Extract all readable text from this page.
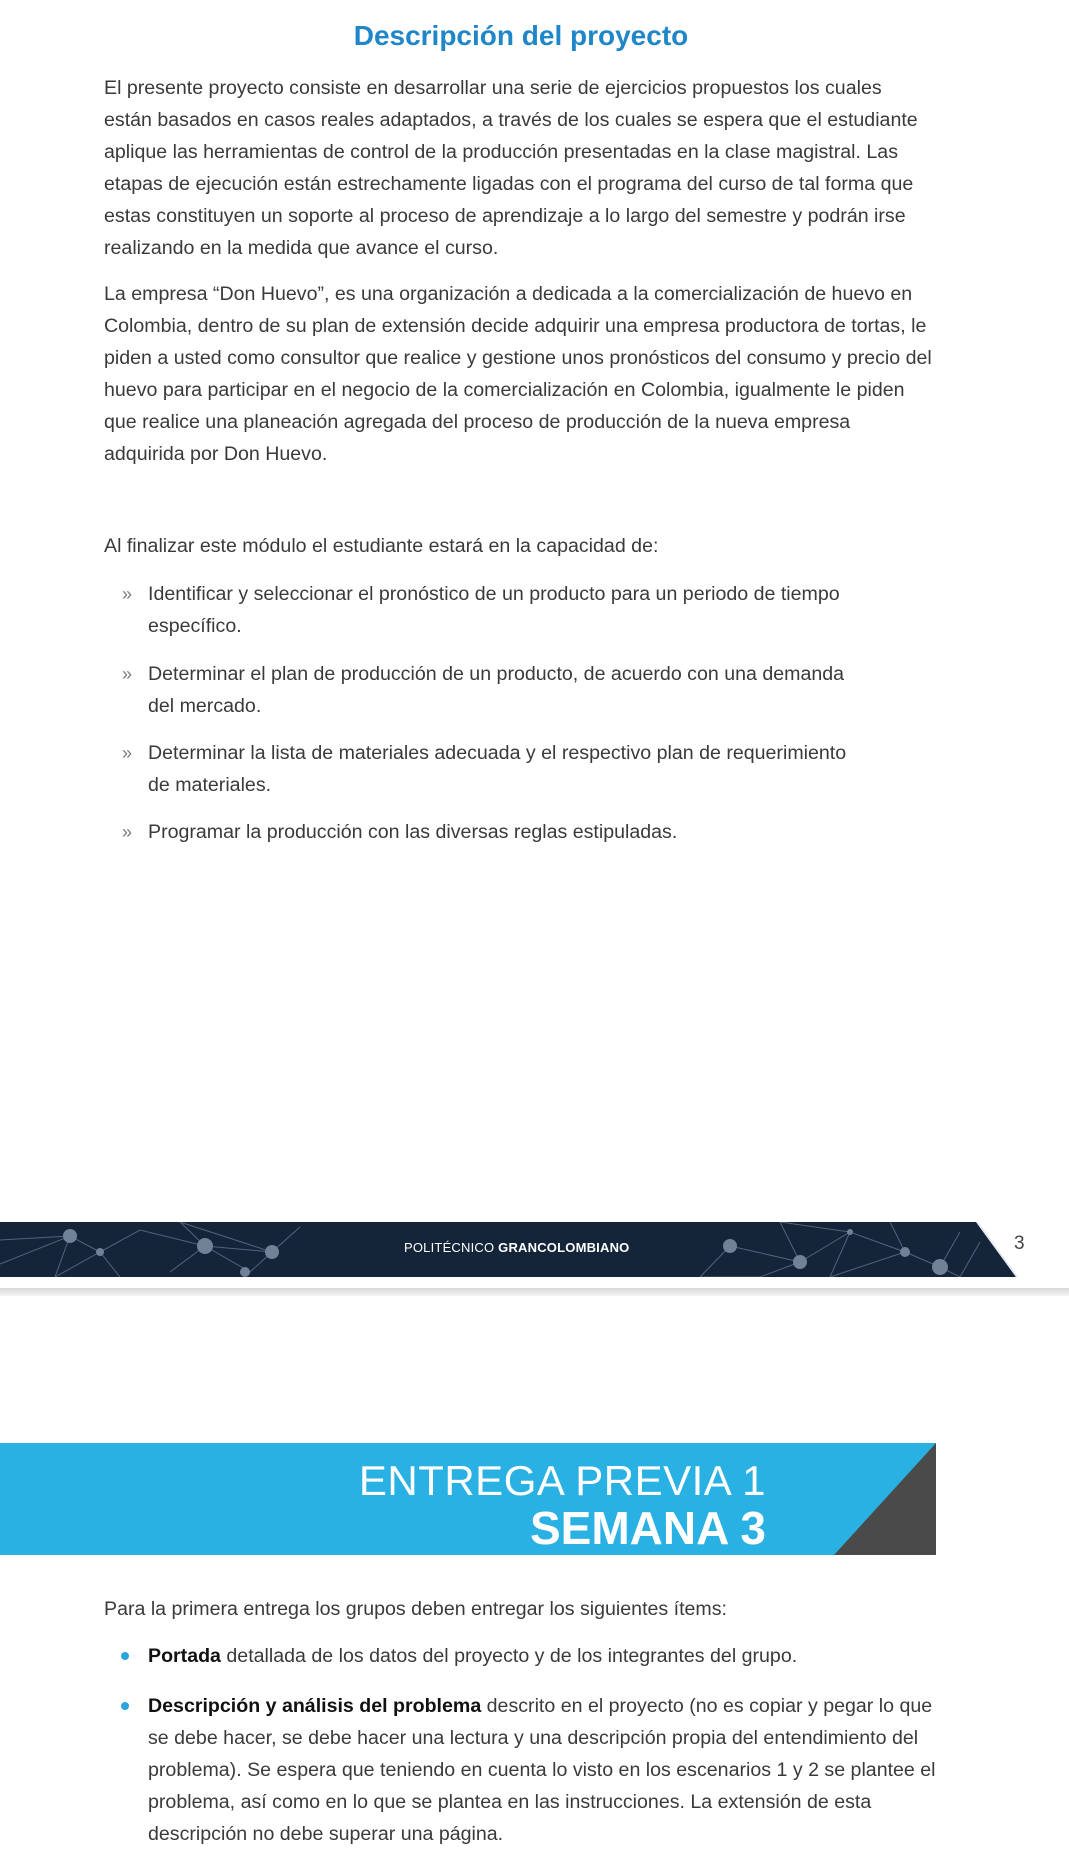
Descripción del proyecto

El presente proyecto consiste en desarrollar una serie de ejercicios propuestos los cuales están basados en casos reales adaptados, a través de los cuales se espera que el estudiante aplique las herramientas de control de la producción presentadas en la clase magistral. Las etapas de ejecución están estrechamente ligadas con el programa del curso de tal forma que estas constituyen un soporte al proceso de aprendizaje a lo largo del semestre y podrán irse realizando en la medida que avance el curso.

La empresa “Don Huevo”, es una organización a dedicada a la comercialización de huevo en Colombia, dentro de su plan de extensión decide adquirir una empresa productora de tortas, le piden a usted como consultor que realice y gestione unos pronósticos del consumo y precio del huevo para participar en el negocio de la comercialización en Colombia, igualmente le piden que realice una planeación agregada del proceso de producción de la nueva empresa adquirida por Don Huevo.

Al finalizar este módulo el estudiante estará en la capacidad de:

» Identificar y seleccionar el pronóstico de un producto para un periodo de tiempo específico.
» Determinar el plan de producción de un producto, de acuerdo con una demanda del mercado.
» Determinar la lista de materiales adecuada y el respectivo plan de requerimiento de materiales.
» Programar la producción con las diversas reglas estipuladas.
POLITÉCNICO GRANCOLOMBIANO	3
ENTREGA PREVIA 1
SEMANA 3

Para la primera entrega los grupos deben entregar los siguientes ítems:

Portada detallada de los datos del proyecto y de los integrantes del grupo.
Descripción y análisis del problema descrito en el proyecto (no es copiar y pegar lo que se debe hacer, se debe hacer una lectura y una descripción propia del entendimiento del problema). Se espera que teniendo en cuenta lo visto en los escenarios 1 y 2 se plantee el problema, así como en lo que se plantea en las instrucciones. La extensión de esta descripción no debe superar una página.
